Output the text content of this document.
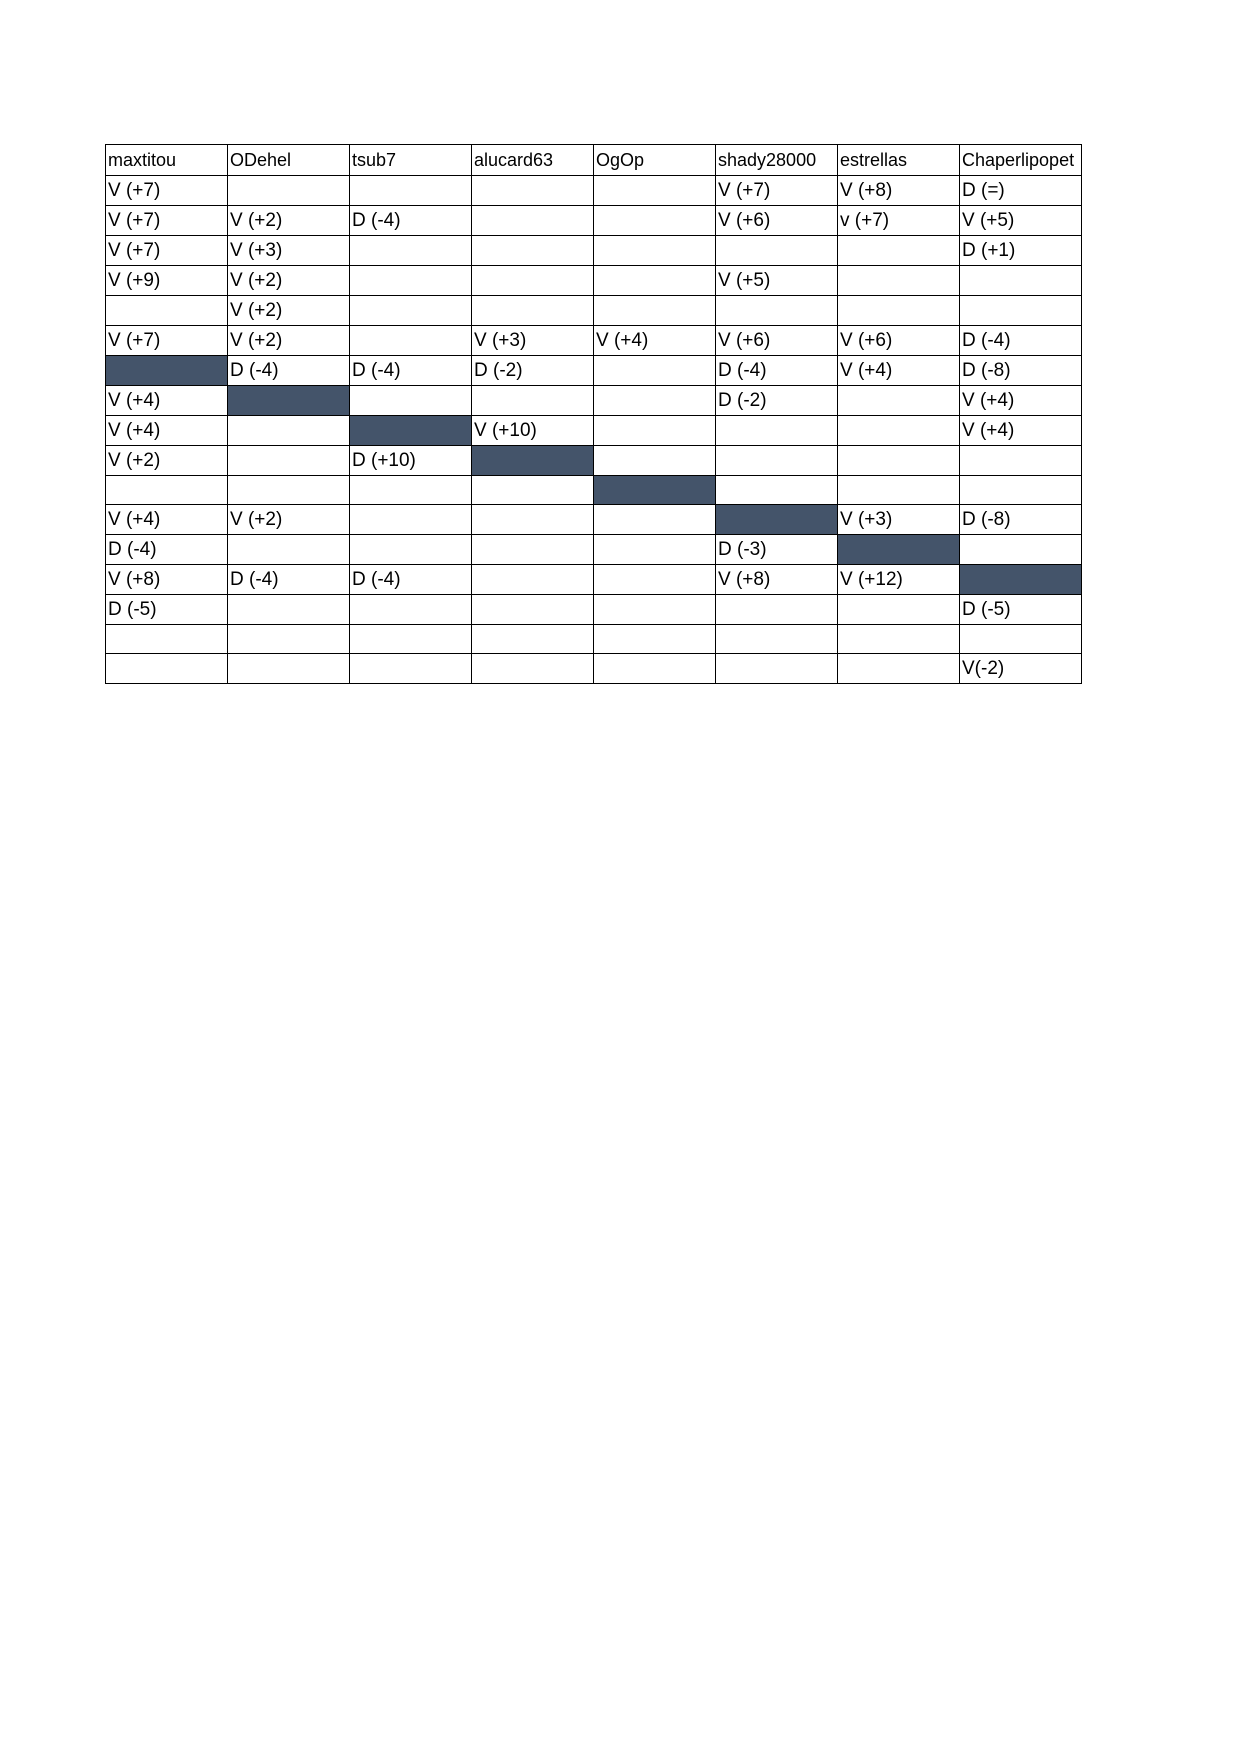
maxtitou	ODehel	tsub7	alucard63	OgOp	shady28000	estrellas	Chaperlipopet
V (+7)					V (+7)	V (+8)	D (=)
V (+7)	V (+2)	D (-4)			V (+6)	v (+7)	V (+5)
V (+7)	V (+3)						D (+1)
V (+9)	V (+2)				V (+5)		
	V (+2)						
V (+7)	V (+2)		V (+3)	V (+4)	V (+6)	V (+6)	D (-4)
	D (-4)	D (-4)	D (-2)		D (-4)	V (+4)	D (-8)
V (+4)					D (-2)		V (+4)
V (+4)			V (+10)				V (+4)
V (+2)		D (+10)					

V (+4)	V (+2)					V (+3)	D (-8)
D (-4)					D (-3)		
V (+8)	D (-4)	D (-4)			V (+8)	V (+12)	
D (-5)							D (-5)

							V(-2)
